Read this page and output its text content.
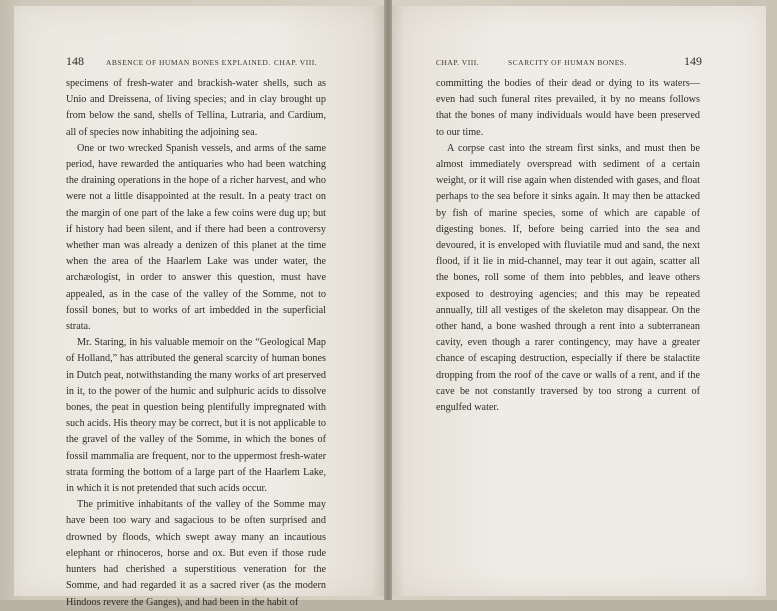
148	ABSENCE OF HUMAN BONES EXPLAINED. CHAP. VIII.

specimens of fresh-water and brackish-water shells, such as Unio and Dreissena, of living species; and in clay brought up from below the sand, shells of Tellina, Lutraria, and Cardium, all of species now inhabiting the adjoining sea.

One or two wrecked Spanish vessels, and arms of the same period, have rewarded the antiquaries who had been watching the draining operations in the hope of a richer harvest, and who were not a little disappointed at the result. In a peaty tract on the margin of one part of the lake a few coins were dug up; but if history had been silent, and if there had been a controversy whether man was already a denizen of this planet at the time when the area of the Haarlem Lake was under water, the archæologist, in order to answer this question, must have appealed, as in the case of the valley of the Somme, not to fossil bones, but to works of art imbedded in the superficial strata.

Mr. Staring, in his valuable memoir on the “Geological Map of Holland,” has attributed the general scarcity of human bones in Dutch peat, notwithstanding the many works of art preserved in it, to the power of the humic and sulphuric acids to dissolve bones, the peat in question being plentifully impregnated with such acids. His theory may be correct, but it is not applicable to the gravel of the valley of the Somme, in which the bones of fossil mammalia are frequent, nor to the uppermost fresh-water strata forming the bottom of a large part of the Haarlem Lake, in which it is not pretended that such acids occur.

The primitive inhabitants of the valley of the Somme may have been too wary and sagacious to be often surprised and drowned by floods, which swept away many an incautious elephant or rhinoceros, horse and ox. But even if those rude hunters had cherished a superstitious veneration for the Somme, and had regarded it as a sacred river (as the modern Hindoos revere the Ganges), and had been in the habit of

CHAP. VIII.	SCARCITY OF HUMAN BONES.	149

committing the bodies of their dead or dying to its waters— even had such funeral rites prevailed, it by no means follows that the bones of many individuals would have been preserved to our time.

A corpse cast into the stream first sinks, and must then be almost immediately overspread with sediment of a certain weight, or it will rise again when distended with gases, and float perhaps to the sea before it sinks again. It may then be attacked by fish of marine species, some of which are capable of digesting bones. If, before being carried into the sea and devoured, it is enveloped with fluviatile mud and sand, the next flood, if it lie in mid-channel, may tear it out again, scatter all the bones, roll some of them into pebbles, and leave others exposed to destroying agencies; and this may be repeated annually, till all vestiges of the skeleton may disappear. On the other hand, a bone washed through a rent into a subterranean cavity, even though a rarer contingency, may have a greater chance of escaping destruction, especially if there be stalactite dropping from the roof of the cave or walls of a rent, and if the cave be not constantly traversed by too strong a current of engulfed water.
